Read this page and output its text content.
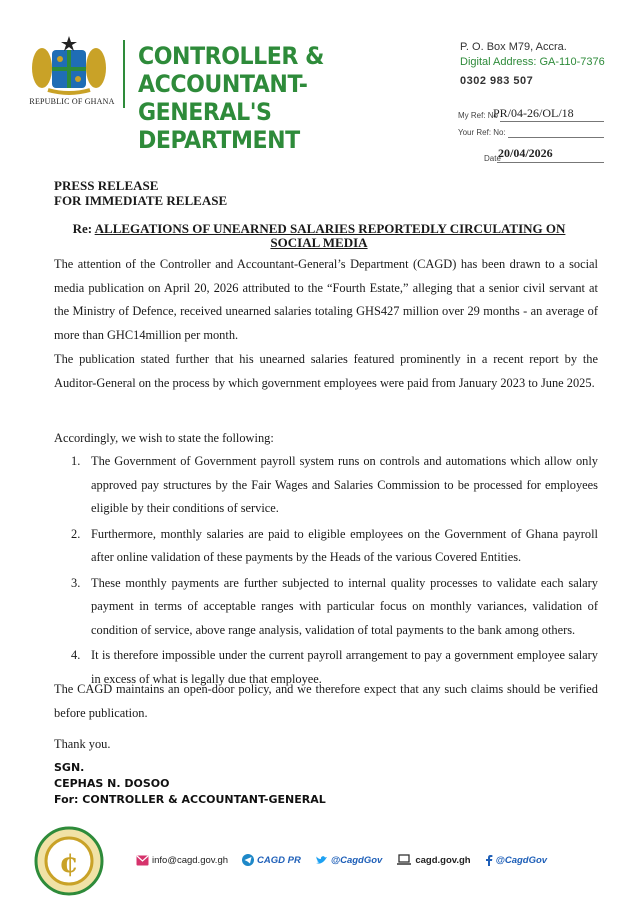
REPUBLIC OF GHANA
CONTROLLER & ACCOUNTANT-
GENERAL'S DEPARTMENT
P. O. Box M79, Accra.
Digital Address: GA-110-7376
0302 983 507
My Ref: No
PR/04-26/OL/18
Your Ref: No:
Date
20/04/2026
PRESS RELEASE
FOR IMMEDIATE RELEASE
Re: ALLEGATIONS OF UNEARNED SALARIES REPORTEDLY CIRCULATING ON
SOCIAL MEDIA
The attention of the Controller and Accountant-General’s Department (CAGD) has been drawn to a social media publication on April 20, 2026 attributed to the “Fourth Estate,” alleging that a senior civil servant at the Ministry of Defence, received unearned salaries totaling GHS427 million over 29 months - an average of more than GHC14million per month.
The publication stated further that his unearned salaries featured prominently in a recent report by the Auditor-General on the process by which government employees were paid from January 2023 to June 2025.
Accordingly, we wish to state the following:
1. The Government of Government payroll system runs on controls and automations which allow only approved pay structures by the Fair Wages and Salaries Commission to be processed for employees eligible by their conditions of service.
2. Furthermore, monthly salaries are paid to eligible employees on the Government of Ghana payroll after online validation of these payments by the Heads of the various Covered Entities.
3. These monthly payments are further subjected to internal quality processes to validate each salary payment in terms of acceptable ranges with particular focus on monthly variances, validation of condition of service, above range analysis, validation of total payments to the bank among others.
4. It is therefore impossible under the current payroll arrangement to pay a government employee salary in excess of what is legally due that employee.
The CAGD maintains an open-door policy, and we therefore expect that any such claims should be verified before publication.
Thank you.
SGN.
CEPHAS N. DOSOO
For: CONTROLLER & ACCOUNTANT-GENERAL
¢	info@cagd.gov.gh	CAGD PR	@CagdGov	cagd.gov.gh	@CagdGov
